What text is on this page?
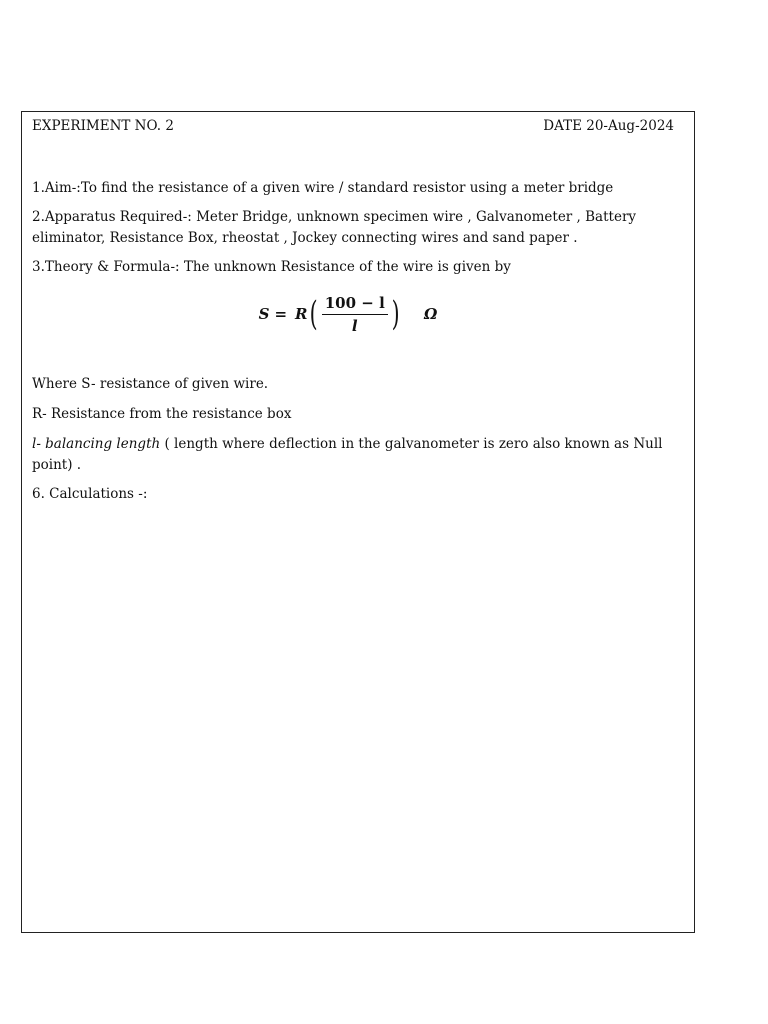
EXPERIMENT NO. 2	DATE 20-Aug-2024

1.Aim-:To find the resistance of a given wire / standard resistor using a meter bridge

2.Apparatus Required-: Meter Bridge, unknown specimen wire , Galvanometer , Battery eliminator, Resistance Box, rheostat , Jockey connecting wires and sand paper .

3.Theory & Formula-: The unknown Resistance of the wire is given by

S = R ( $\frac{100 - l}{l}$ ) Ω

Where S- resistance of given wire.

R- Resistance from the resistance box

l- balancing length ( length where deflection in the galvanometer is zero also known as Null point) .

6. Calculations -:
